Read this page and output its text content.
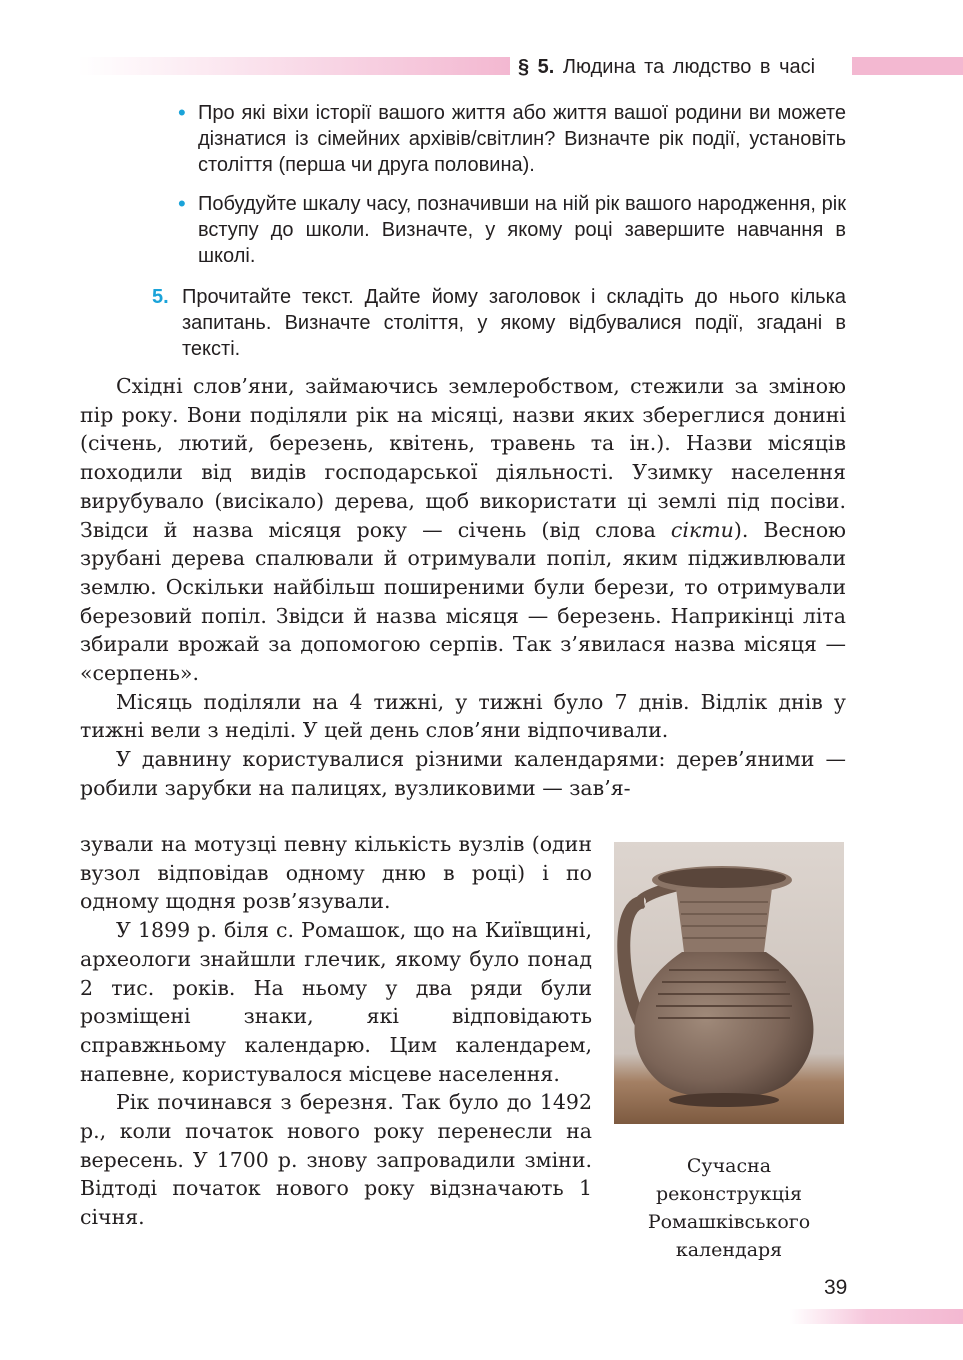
§ 5. Людина та людство в часі
• Про які віхи історії вашого життя або життя вашої родини ви можете дізнатися із сімейних архівів/світлин? Визначте рік події, установіть століття (перша чи друга половина).
• Побудуйте шкалу часу, позначивши на ній рік вашого народження, рік вступу до школи. Визначте, у якому році завершите навчання в школі.
5. Прочитайте текст. Дайте йому заголовок і складіть до нього кілька запитань. Визначте століття, у якому відбувалися події, згадані в тексті.

Східні слов’яни, займаючись землеробством, стежили за зміною пір року. Вони поділяли рік на місяці, назви яких збереглися донині (січень, лютий, березень, квітень, травень та ін.). Назви місяців походили від видів господарської діяльності. Узимку населення вирубувало (висікало) дерева, щоб використати ці землі під посіви. Звідси й назва місяця року — січень (від слова сікти). Весною зрубані дерева спалювали й отримували попіл, яким підживлювали землю. Оскільки найбільш поширеними були берези, то отримували березовий попіл. Звідси й назва місяця — березень. Наприкінці літа збирали врожай за допомогою серпів. Так з’явилася назва місяця — «серпень».

Місяць поділяли на 4 тижні, у тижні було 7 днів. Відлік днів у тижні вели з неділі. У цей день слов’яни відпочивали.

У давнину користувалися різними календарями: дерев’яними — робили зарубки на палицях, вузликовими — зав’я-

зували на мотузці певну кількість вузлів (один вузол відповідав одному дню в році) і по одному щодня розв’язували.

У 1899 р. біля с. Ромашок, що на Київщині, археологи знайшли глечик, якому було понад 2 тис. років. На ньому у два ряди були розміщені знаки, які відповідають справжньому календарю. Цим календарем, напевне, користувалося місцеве населення.

Рік починався з березня. Так було до 1492 р., коли початок нового року перенесли на вересень. У 1700 р. знову запровадили зміни. Відтоді початок нового року відзначають 1 січня.

Сучасна реконструкція Ромашківського календаря
39
